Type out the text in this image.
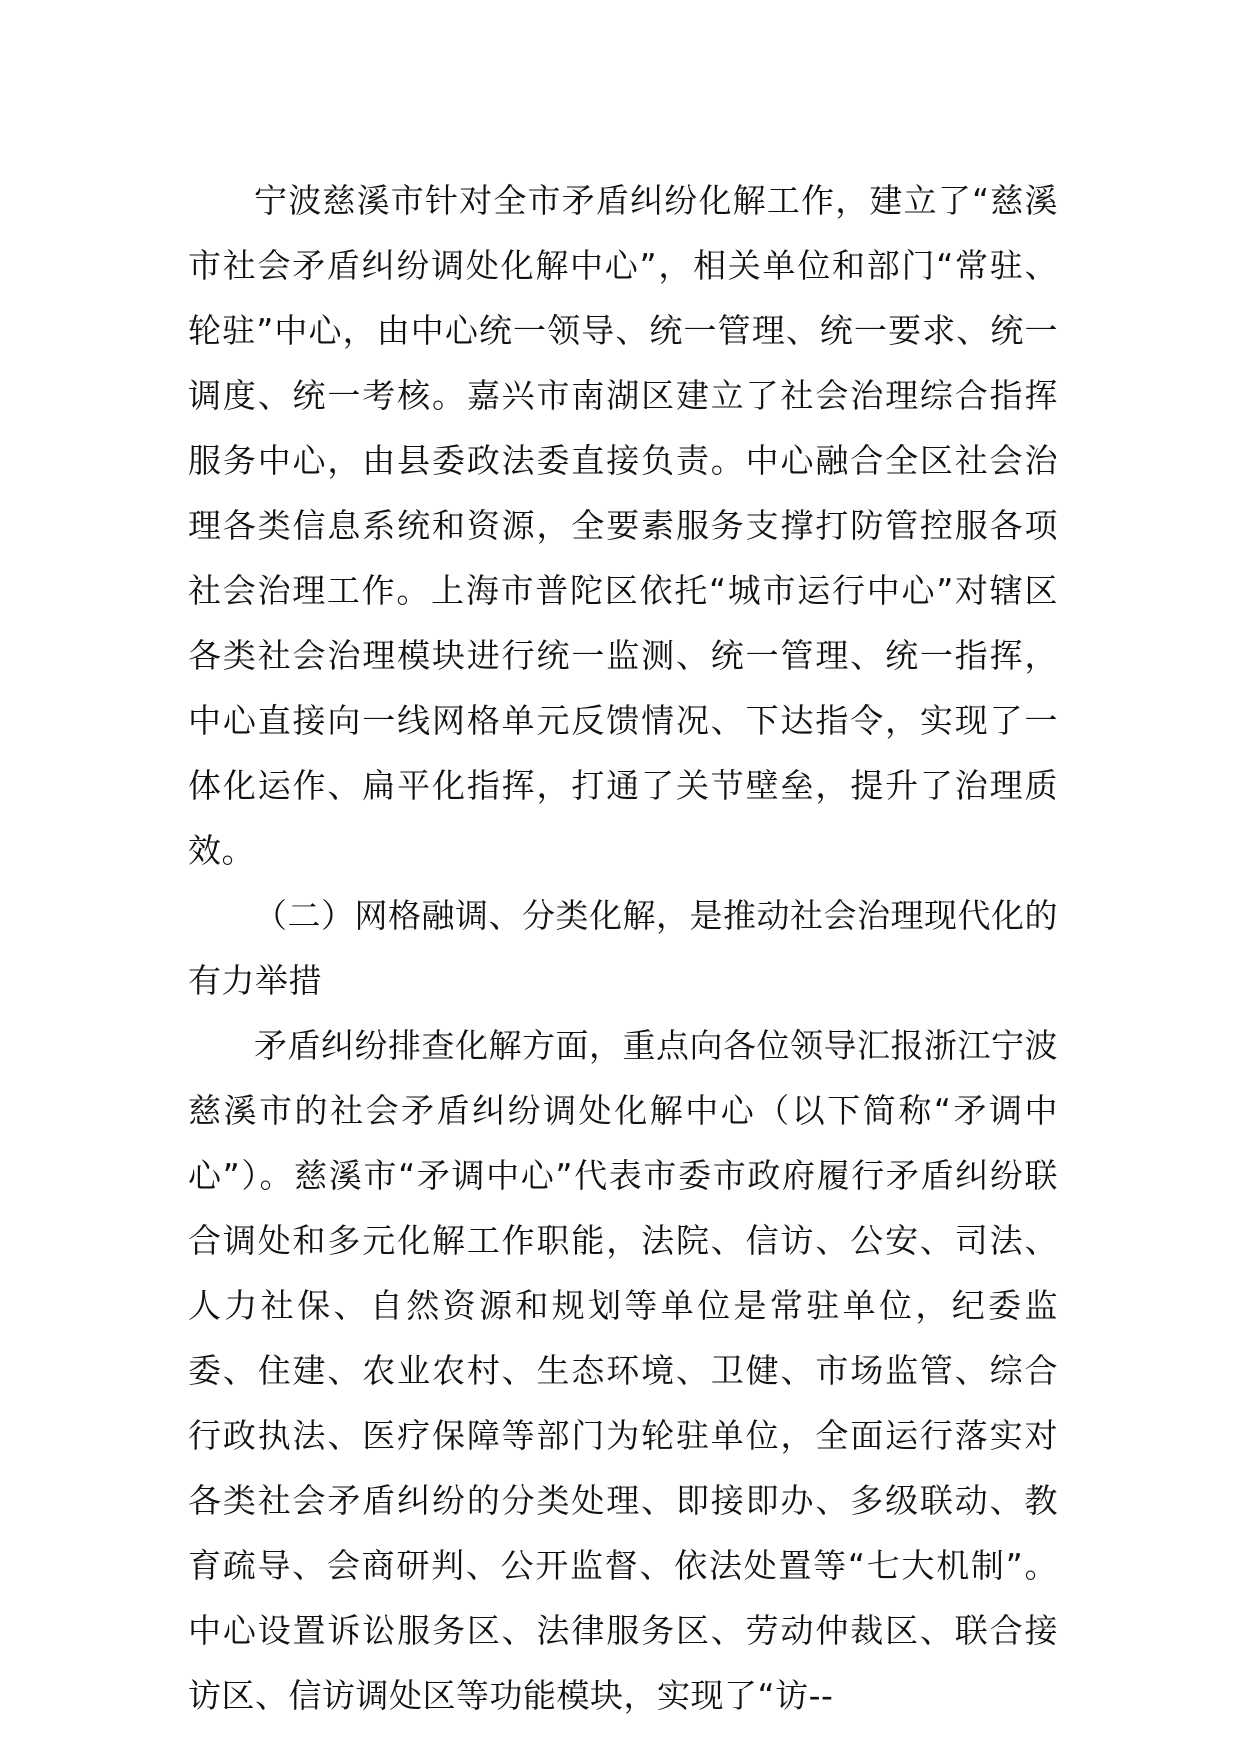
宁波慈溪市针对全市矛盾纠纷化解工作，建立了“慈溪市社会矛盾纠纷调处化解中心”，相关单位和部门“常驻、轮驻”中心，由中心统一领导、统一管理、统一要求、统一调度、统一考核。嘉兴市南湖区建立了社会治理综合指挥服务中心，由县委政法委直接负责。中心融合全区社会治理各类信息系统和资源，全要素服务支撑打防管控服各项社会治理工作。上海市普陀区依托“城市运行中心”对辖区各类社会治理模块进行统一监测、统一管理、统一指挥，中心直接向一线网格单元反馈情况、下达指令，实现了一体化运作、扁平化指挥，打通了关节壁垒，提升了治理质效。

（二）网格融调、分类化解，是推动社会治理现代化的有力举措

矛盾纠纷排查化解方面，重点向各位领导汇报浙江宁波慈溪市的社会矛盾纠纷调处化解中心（以下简称“矛调中心”）。慈溪市“矛调中心”代表市委市政府履行矛盾纠纷联合调处和多元化解工作职能，法院、信访、公安、司法、人力社保、自然资源和规划等单位是常驻单位，纪委监委、住建、农业农村、生态环境、卫健、市场监管、综合行政执法、医疗保障等部门为轮驻单位，全面运行落实对各类社会矛盾纠纷的分类处理、即接即办、多级联动、教育疏导、会商研判、公开监督、依法处置等“七大机制”。中心设置诉讼服务区、法律服务区、劳动仲裁区、联合接访区、信访调处区等功能模块，实现了“访--
